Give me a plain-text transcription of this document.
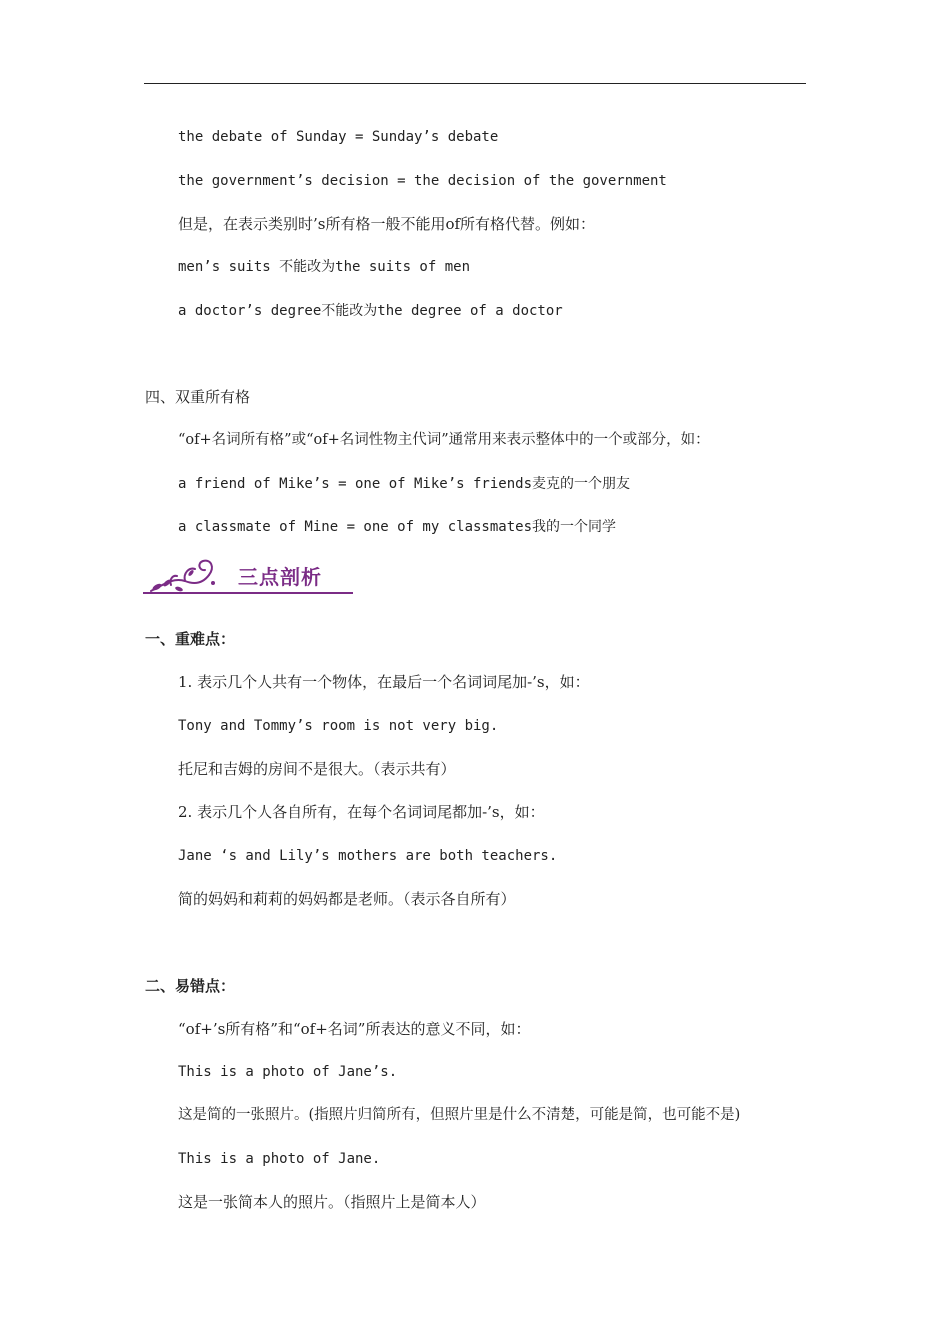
the debate of Sunday = Sunday’s debate
the government’s decision = the decision of the government
但是，在表示类别时’s所有格一般不能用of所有格代替。例如：
men’s suits 不能改为the suits of men
a doctor’s degree不能改为the degree of a doctor
四、双重所有格
“of+名词所有格”或“of+名词性物主代词”通常用来表示整体中的一个或部分，如：
a friend of Mike’s = one of Mike’s friends麦克的一个朋友
a classmate of Mine = one of my classmates我的一个同学
三点剖析
一、重难点：
1. 表示几个人共有一个物体，在最后一个名词词尾加-’s，如：
Tony and Tommy’s room is not very big.
托尼和吉姆的房间不是很大。（表示共有）
2. 表示几个人各自所有，在每个名词词尾都加-’s，如：
Jane ‘s and Lily’s mothers are both teachers.
简的妈妈和莉莉的妈妈都是老师。（表示各自所有）
二、易错点：
“of+’s所有格”和“of+名词”所表达的意义不同，如：
This is a photo of Jane’s.
这是简的一张照片。(指照片归简所有，但照片里是什么不清楚，可能是简，也可能不是)
This is a photo of Jane.
这是一张简本人的照片。（指照片上是简本人）
